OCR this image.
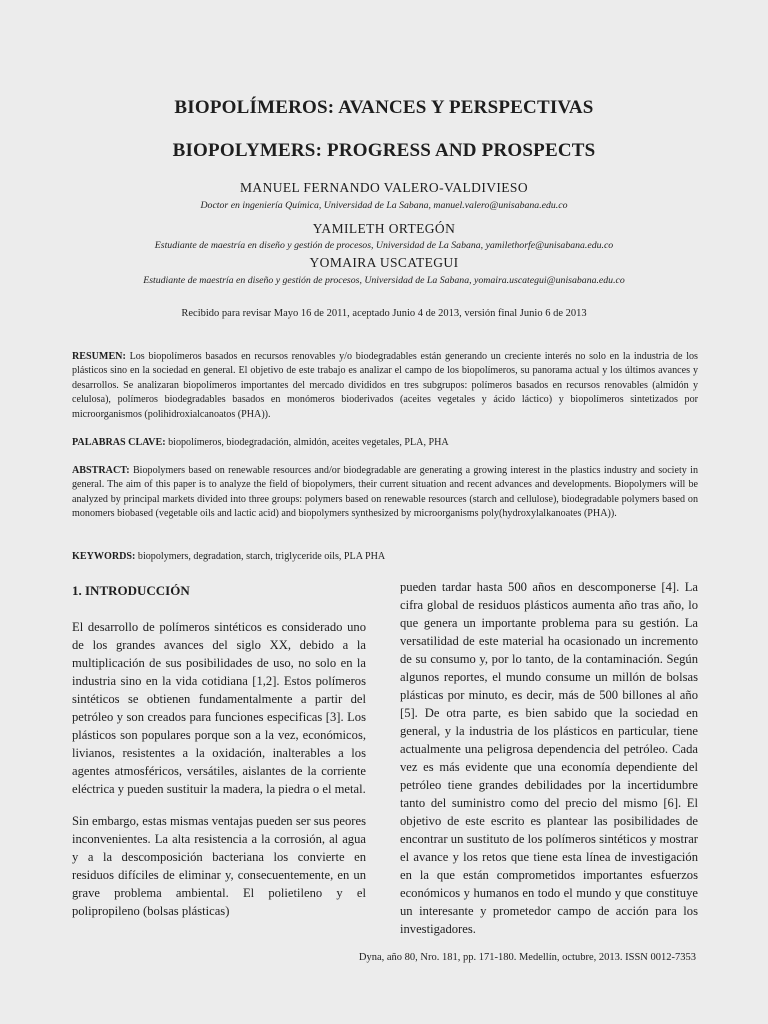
BIOPOLÍMEROS: AVANCES Y PERSPECTIVAS
BIOPOLYMERS: PROGRESS AND PROSPECTS
MANUEL FERNANDO VALERO-VALDIVIESO
Doctor en ingeniería Química, Universidad de La Sabana, manuel.valero@unisabana.edu.co
YAMILETH ORTEGÓN
Estudiante de maestría en diseño y gestión de procesos, Universidad de La Sabana, yamilethorfe@unisabana.edu.co
YOMAIRA USCATEGUI
Estudiante de maestría en diseño y gestión de procesos, Universidad de La Sabana, yomaira.uscategui@unisabana.edu.co
Recibido para revisar Mayo 16 de 2011, aceptado Junio 4 de 2013, versión final Junio 6 de 2013
RESUMEN: Los biopolímeros basados en recursos renovables y/o biodegradables están generando un creciente interés no solo en la industria de los plásticos sino en la sociedad en general. El objetivo de este trabajo es analizar el campo de los biopolímeros, su panorama actual y los últimos avances y desarrollos. Se analizaran biopolímeros importantes del mercado divididos en tres subgrupos: polímeros basados en recursos renovables (almidón y celulosa), polímeros biodegradables basados en monómeros bioderivados (aceites vegetales y ácido láctico) y biopolímeros sintetizados por microorganismos (polihidroxialcanoatos (PHA)).
PALABRAS CLAVE: biopolímeros, biodegradación, almidón, aceites vegetales, PLA, PHA
ABSTRACT: Biopolymers based on renewable resources and/or biodegradable are generating a growing interest in the plastics industry and society in general. The aim of this paper is to analyze the field of biopolymers, their current situation and recent advances and developments. Biopolymers will be analyzed by principal markets divided into three groups: polymers based on renewable resources (starch and cellulose), biodegradable polymers based on monomers biobased (vegetable oils and lactic acid) and biopolymers synthesized by microorganisms poly(hydroxylalkanoates (PHA)).
KEYWORDS: biopolymers, degradation, starch, triglyceride oils, PLA PHA
1. INTRODUCCIÓN

El desarrollo de polímeros sintéticos es considerado uno de los grandes avances del siglo XX, debido a la multiplicación de sus posibilidades de uso, no solo en la industria sino en la vida cotidiana [1,2]. Estos polímeros sintéticos se obtienen fundamentalmente a partir del petróleo y son creados para funciones especificas [3]. Los plásticos son populares porque son a la vez, económicos, livianos, resistentes a la oxidación, inalterables a los agentes atmosféricos, versátiles, aislantes de la corriente eléctrica y pueden sustituir la madera, la piedra o el metal.

Sin embargo, estas mismas ventajas pueden ser sus peores inconvenientes. La alta resistencia a la corrosión, al agua y a la descomposición bacteriana los convierte en residuos difíciles de eliminar y, consecuentemente, en un grave problema ambiental. El polietileno y el polipropileno (bolsas plásticas)

pueden tardar hasta 500 años en descomponerse [4]. La cifra global de residuos plásticos aumenta año tras año, lo que genera un importante problema para su gestión. La versatilidad de este material ha ocasionado un incremento de su consumo y, por lo tanto, de la contaminación. Según algunos reportes, el mundo consume un millón de bolsas plásticas por minuto, es decir, más de 500 billones al año [5]. De otra parte, es bien sabido que la sociedad en general, y la industria de los plásticos en particular, tiene actualmente una peligrosa dependencia del petróleo. Cada vez es más evidente que una economía dependiente del petróleo tiene grandes debilidades por la incertidumbre tanto del suministro como del precio del mismo [6]. El objetivo de este escrito es plantear las posibilidades de encontrar un sustituto de los polímeros sintéticos y mostrar el avance y los retos que tiene esta línea de investigación en la que están comprometidos importantes esfuerzos económicos y humanos en todo el mundo y que constituye un interesante y prometedor campo de acción para los investigadores.

Dyna, año 80, Nro. 181, pp. 171-180. Medellín, octubre, 2013. ISSN 0012-7353
